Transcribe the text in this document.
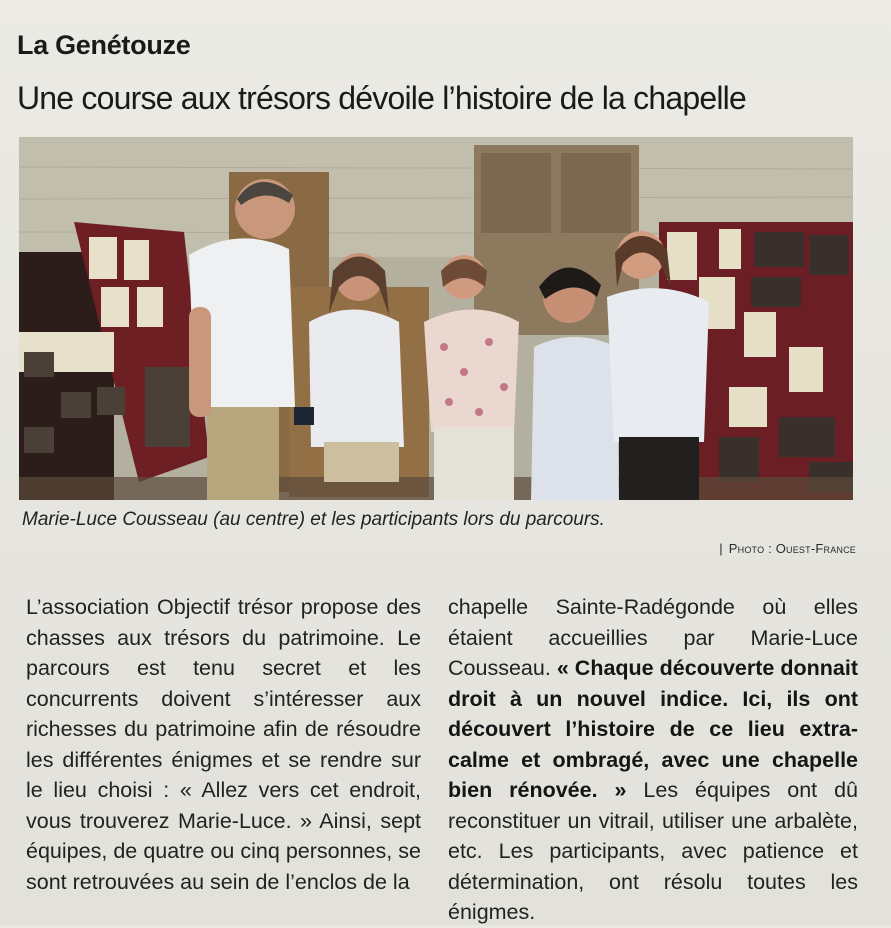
La Genétouze
Une course aux trésors dévoile l’histoire de la chapelle
Marie-Luce Cousseau (au centre) et les participants lors du parcours.
| Photo : Ouest-France

L’association Objectif trésor propose des chasses aux trésors du patrimoine. Le parcours est tenu secret et les concurrents doivent s’intéresser aux richesses du patrimoine afin de résoudre les différentes énigmes et se rendre sur le lieu choisi : « Allez vers cet endroit, vous trouverez Marie-Luce. » Ainsi, sept équipes, de quatre ou cinq personnes, se sont retrouvées au sein de l’enclos de la

chapelle Sainte-Radégonde où elles étaient accueillies par Marie-Luce Cousseau. « Chaque découverte donnait droit à un nouvel indice. Ici, ils ont découvert l’histoire de ce lieu extra-calme et ombragé, avec une chapelle bien rénovée. » Les équipes ont dû reconstituer un vitrail, utiliser une arbalète, etc. Les participants, avec patience et détermination, ont résolu toutes les énigmes.
